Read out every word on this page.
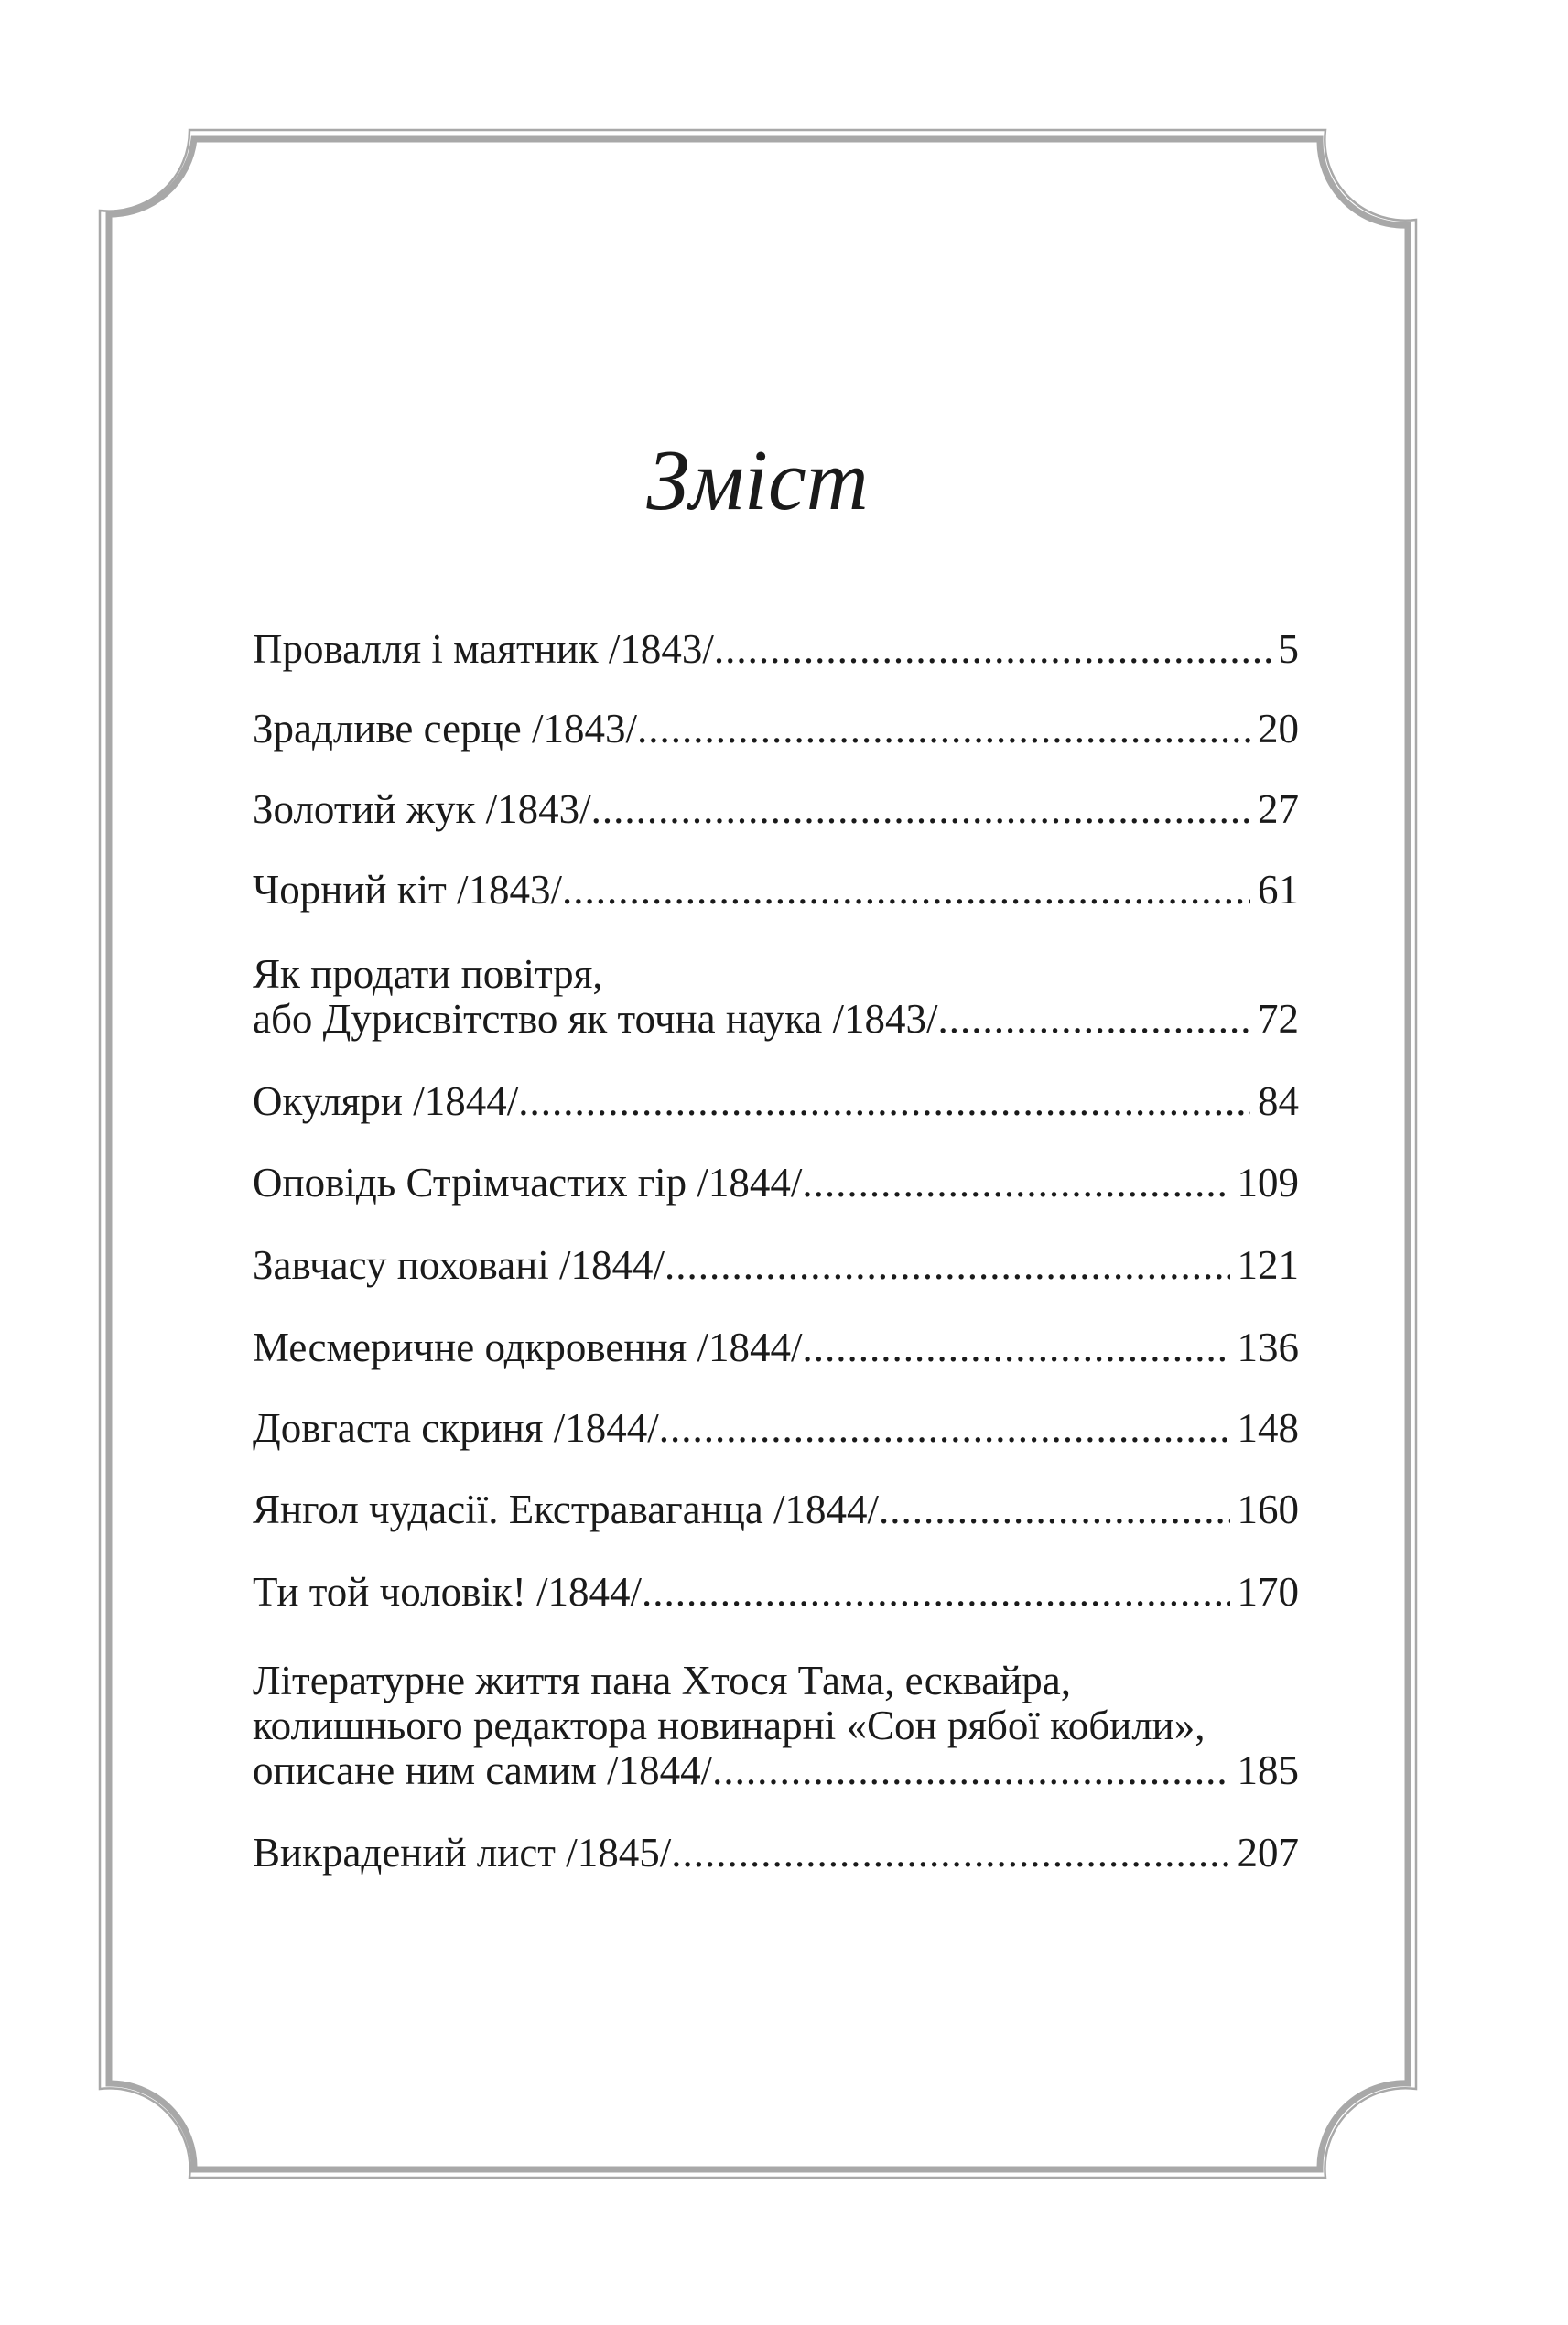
Зміст
Провалля і маятник /1843/ .....	5
Зрадливе серце /1843/ .....	20
Золотий жук /1843/ .....	27
Чорний кіт /1843/ .....	61
Як продати повітря,
або Дурисвітство як точна наука /1843/ .....	72
Окуляри /1844/ .....	84
Оповідь Стрімчастих гір /1844/ .....	109
Завчасу поховані /1844/ .....	121
Месмеричне одкровення /1844/ .....	136
Довгаста скриня /1844/ .....	148
Янгол чудасії. Екстраваганца /1844/ .....	160
Ти той чоловік! /1844/ .....	170
Літературне життя пана Хтося Тама, есквайра,
колишнього редактора новинарні «Сон рябої кобили»,
описане ним самим /1844/ .....	185
Викрадений лист /1845/ .....	207
